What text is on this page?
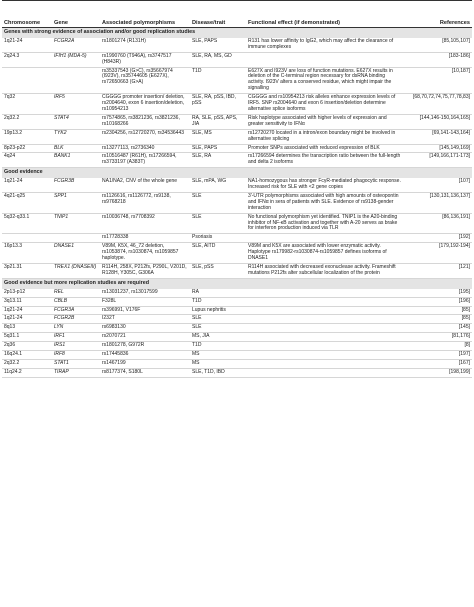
Chromosome	Gene	Associated polymorphisms	Disease/trait	Functional effect (if demonstrated)	References
Genes with strong evidence of association and/or good replication studies					
1q21-24	FCGR2A	rs1801274 (R131H)	SLE, PAPS	R131 has lower affinity to IgG2, which may affect the clearance of immune complexes	[85,105,107]
2q24.3	IFIH1 (MDA-5)	rs1990760 (T946A), rs3747517 (H843R)	SLE, RA, MS, GD		[183-186]
		rs35337543 (G>C), rs35667974 (I923V), rs35744605 (E627X), rs72650663 (G>A)	T1D	E627X and I923V are loss of function mutations. E627X results in deletion of the C-terminal region necessary for dsRNA binding activity. I923V alters a conserved residue, which might impair the signalling	[10,187]
7q32	IRF5	CGGGG promoter insertion/ deletion, rs2004640, exon 6 insertion/deletion, rs10954213	SLE, RA, pSS, IBD, pSS	CGGGG and rs10954213 risk alleles enhance expression levels of IRF5. SNP rs2004640 and exon 6 insertion/deletion determine alternative splice isoforms	[68,70,72,74,75,77,78,83]
2q32.2	STAT4	rs7574865, rs3821236, rs3821236, rs10168266	RA, SLE, pSS, APS, JIA	Risk haplotype associated with higher levels of expression and greater sensitivity to IFNα	[144,146-150,164,165]
19p13.2	TYK2	rs2304256, rs12720270, rs34536443	SLE, MS	rs12720270 located in a intron/exon boundary might be involved in alternative splicing	[69,141-143,164]
8p23-p22	BLK	rs13277113, rs2736340	SLE, PAPS	Promoter SNPs associated with reduced expression of BLK	[145,149,169]
4q24	BANK1	rs10516487 (R61H), rs17266594, rs3733197 (A383T)	SLE, RA	rs17266594 determines the transcription ratio between the full-length and delta 2 isoforms	[149,166,171-173]
Good evidence					
1q21-24	FCGR3B	NA1/NA2, CNV of the whole gene	SLE, mPA, WG	NA1-homozygous has stronger FcγR-mediated phagocytic response. Increased risk for SLE with <2 gene copies	[107]
4q21-q25	SPP1	rs1126616, rs1126772, rs9138, rs9768218	SLE	3'-UTR polymorphisms associated with high amounts of osteopontin and IFNα in sera of patients with SLE. Evidence of rs9138-gender interaction	[130,131,136,137]
5q32-q33.1	TNIP1	rs10036748, rs7708392	SLE	No functional polymorphism yet identified. TNIP1 is the A20-binding inhibitor of NF-κB activation and together with A-20 serves as brake for interferon production induced via TLR	[86,136,191]
		rs17728338	Psoriasis		[192]
16p13.3	DNASE1	V89M, K5X, 46_72 deletion, rs1053874, rs1030874, rs1059857 haplotype.	SLE, AITD	V89M and K5X are associated with lower enzymatic activity. Haplotype rs179982-rs1030874-rs1059857 defines isoforms of DNASE1	[179,192-194]
3p21.31	TREX1 (DNASEIII)	R114H, 258X, P212fs, P290L, V201D, R128H, Y305C, G306A	SLE, pSS	R114H associated with decreased exonuclease activity. Frameshift mutations P212fs alter subcellular localization of the protein	[121]
Good evidence but more replication studies are required					
2p13-p12	REL	rs13031237, rs13017599	RA		[195]
3q13.11	CBLB	F328L	T1D		[196]
1q21-24	FCGR3A	rs396991, V176F	Lupus nephritis		[85]
1q21-24	FCGR2B	I232T	SLE		[85]
8q13	LYN	rs6983130	SLE		[145]
5q31.1	IRF1	rs2070721	MS, JIA		[81,176]
2q36	IRS1	rs1801278, G972R	T1D		[8]
16q24.1	IRF8	rs17445836	MS		[197]
2q32.2	STAT1	rs1467199	MS		[167]
11q24.2	TIRAP	rs8177374, S180L	SLE, T1D, IBD		[198,199]
